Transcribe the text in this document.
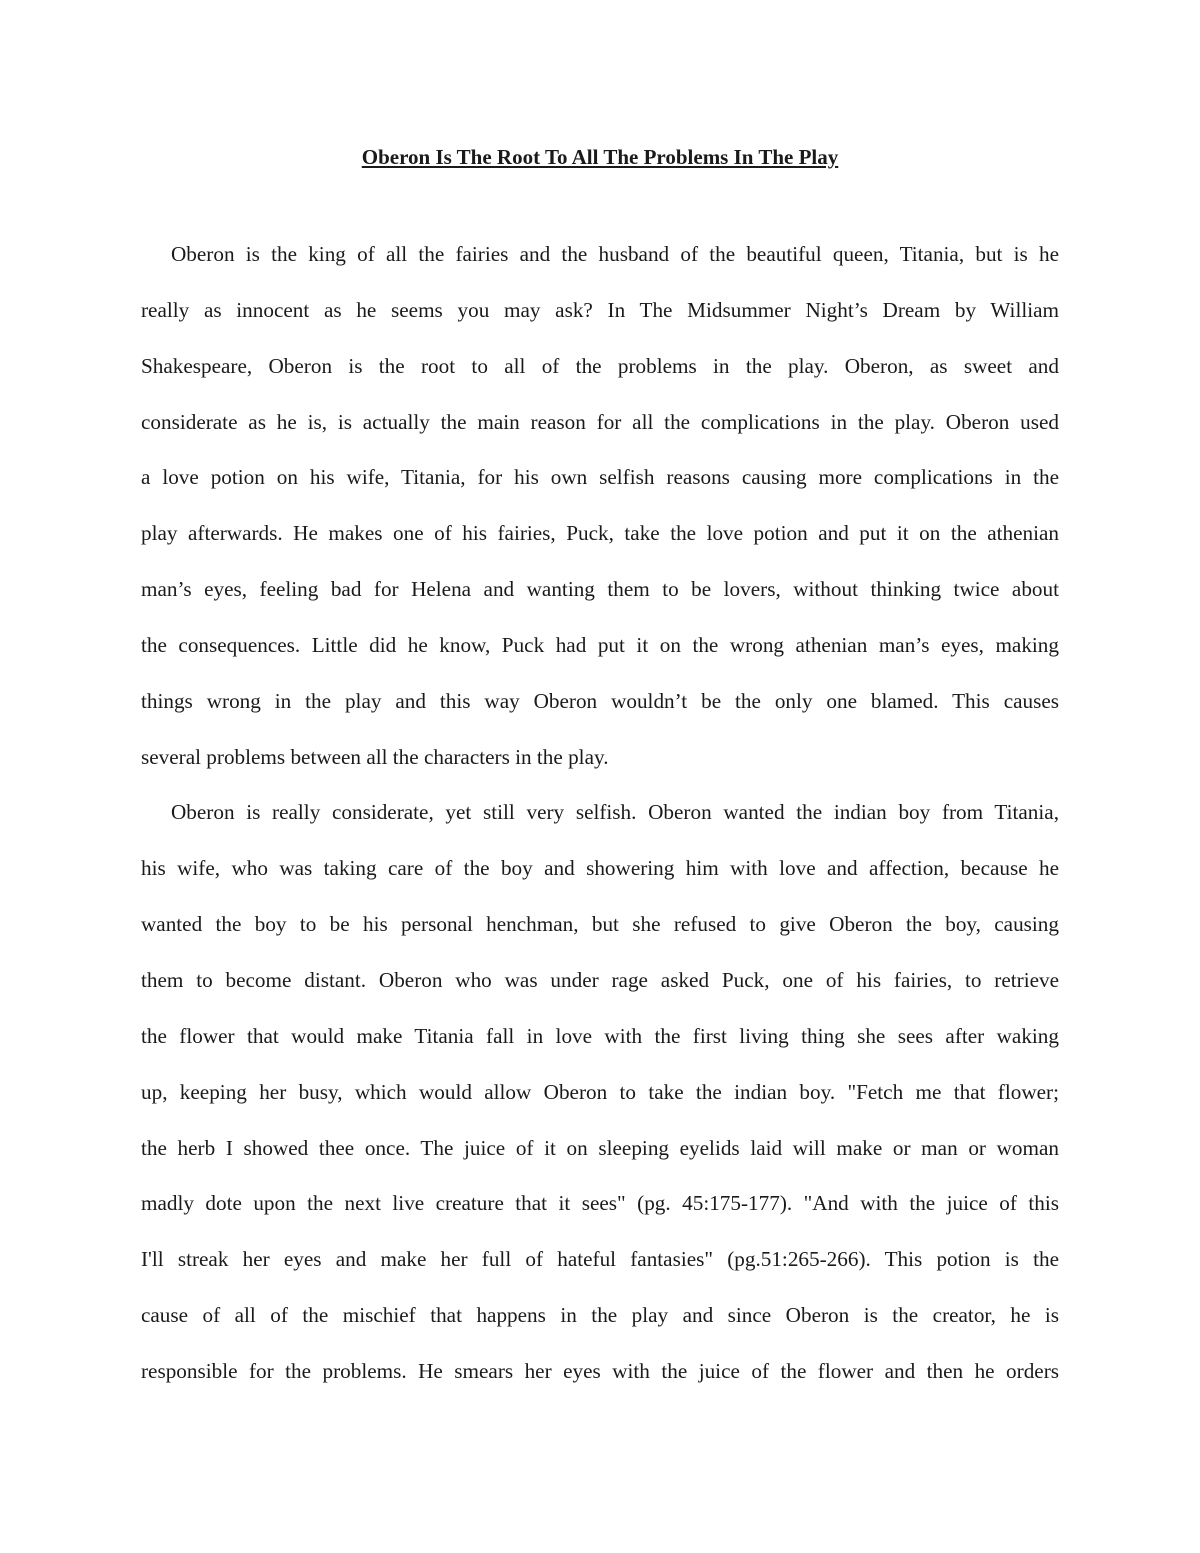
Oberon Is The Root To All The Problems In The Play
Oberon is the king of all the fairies and the husband of the beautiful queen, Titania, but is he
really as innocent as he seems you may ask? In The Midsummer Night’s Dream by William
Shakespeare, Oberon is the root to all of the problems in the play. Oberon, as sweet and
considerate as he is, is actually the main reason for all the complications in the play. Oberon used
a love potion on his wife, Titania, for his own selfish reasons causing more complications in the
play afterwards. He makes one of his fairies, Puck, take the love potion and put it on the athenian
man’s eyes, feeling bad for Helena and wanting them to be lovers, without thinking twice about
the consequences. Little did he know, Puck had put it on the wrong athenian man’s eyes, making
things wrong in the play and this way Oberon wouldn’t be the only one blamed. This causes
several problems between all the characters in the play.
Oberon is really considerate, yet still very selfish. Oberon wanted the indian boy from Titania,
his wife, who was taking care of the boy and showering him with love and affection, because he
wanted the boy to be his personal henchman, but she refused to give Oberon the boy, causing
them to become distant. Oberon who was under rage asked Puck, one of his fairies, to retrieve
the flower that would make Titania fall in love with the first living thing she sees after waking
up, keeping her busy, which would allow Oberon to take the indian boy. "Fetch me that flower;
the herb I showed thee once. The juice of it on sleeping eyelids laid will make or man or woman
madly dote upon the next live creature that it sees" (pg. 45:175-177). "And with the juice of this
I'll streak her eyes and make her full of hateful fantasies" (pg.51:265-266). This potion is the
cause of all of the mischief that happens in the play and since Oberon is the creator, he is
responsible for the problems. He smears her eyes with the juice of the flower and then he orders
